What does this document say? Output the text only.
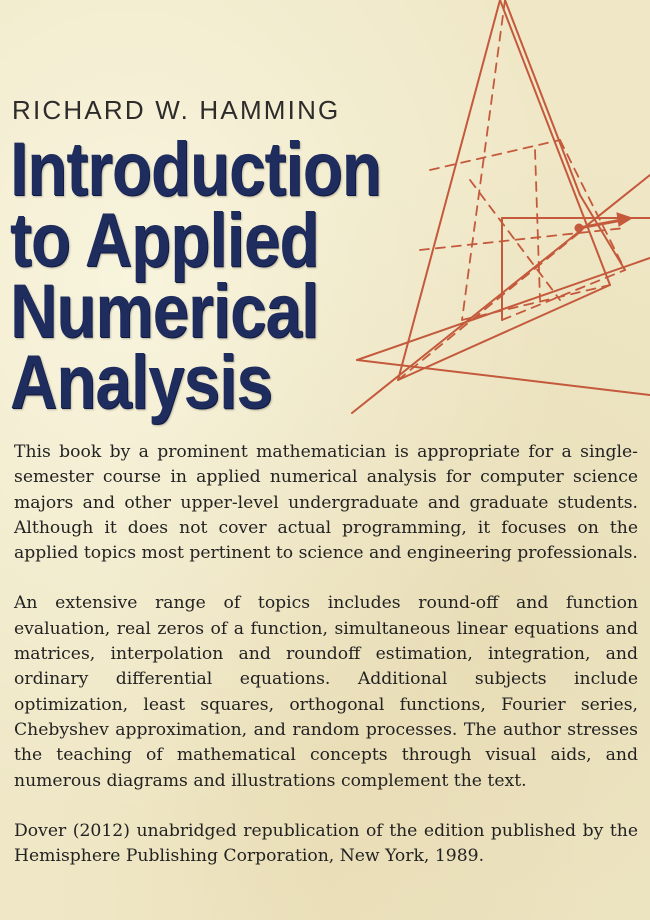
RICHARD W. HAMMING
Introduction
to Applied
Numerical
Analysis

This book by a prominent mathematician is appropriate for a single-semester course in applied numerical analysis for computer science majors and other upper-level undergraduate and graduate students. Although it does not cover actual programming, it focuses on the applied topics most pertinent to science and engineering professionals.

An extensive range of topics includes round-off and function evaluation, real zeros of a function, simultaneous linear equations and matrices, interpolation and roundoff estimation, integration, and ordinary differential equations. Additional subjects include optimization, least squares, orthogonal functions, Fourier series, Chebyshev approximation, and random processes. The author stresses the teaching of mathematical concepts through visual aids, and numerous diagrams and illustrations complement the text.

Dover (2012) unabridged republication of the edition published by the Hemisphere Publishing Corporation, New York, 1989.
